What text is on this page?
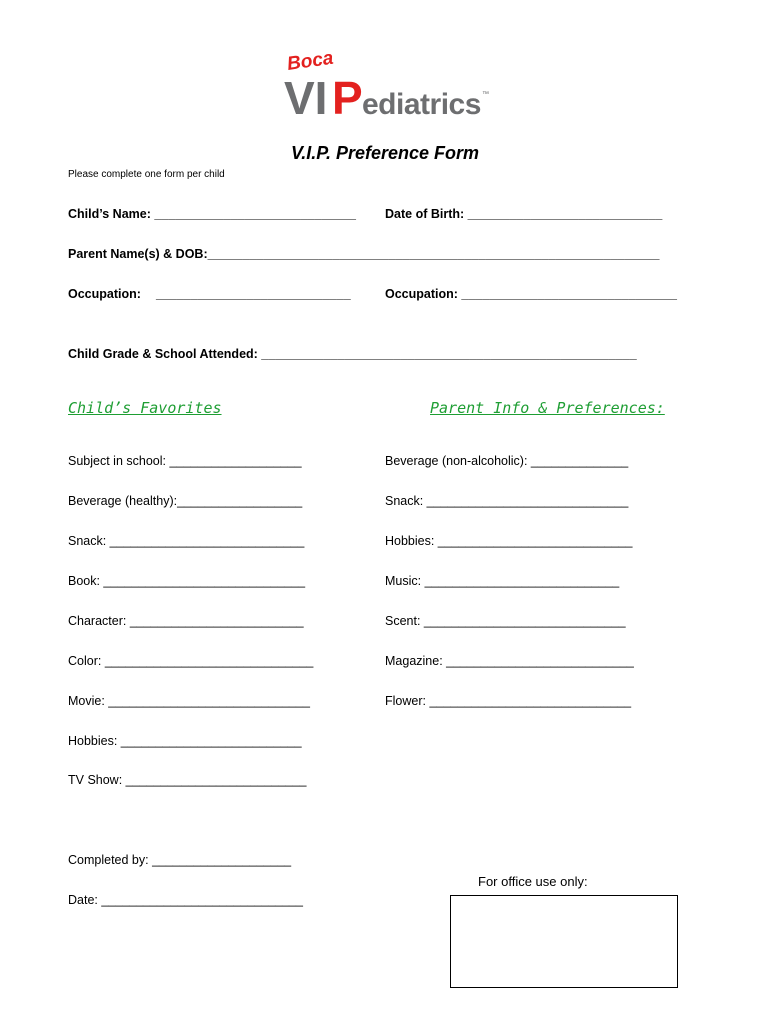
Boca
VI P ediatrics ™
V.I.P. Preference Form
Please complete one form per child
Child’s Name: _____________________________ Date of Birth: ____________________________
Parent Name(s) & DOB:_________________________________________________________________
Occupation: ____________________________	Occupation: _______________________________
Child Grade & School Attended: ______________________________________________________
Child’s Favorites	Parent Info & Preferences:
Subject in school: ___________________
Beverage (healthy):__________________
Snack: ____________________________
Book: _____________________________
Character: _________________________
Color: ______________________________
Movie: _____________________________
Hobbies: __________________________
TV Show: __________________________
Beverage (non-alcoholic): ______________
Snack: _____________________________
Hobbies: ____________________________
Music: ____________________________
Scent: _____________________________
Magazine: ___________________________
Flower: _____________________________
Completed by: ____________________
Date: _____________________________
For office use only:
